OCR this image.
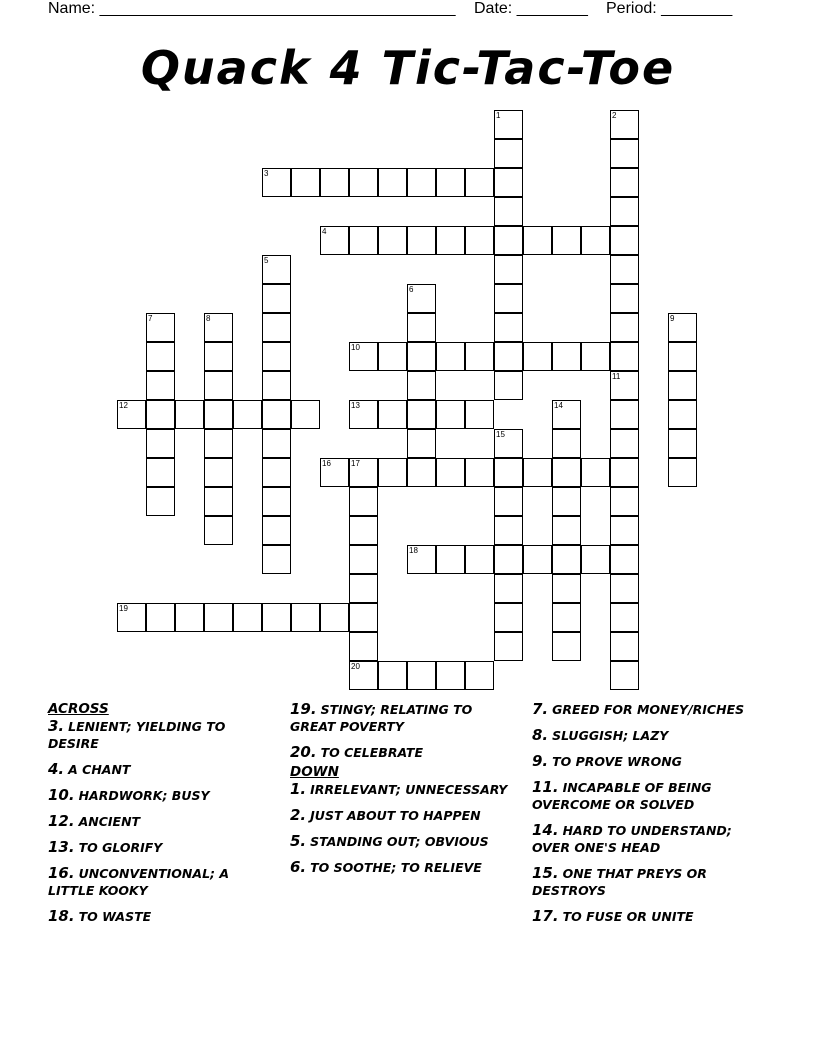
Name: ________________________________________ Date: ________ Period: ________
Quack 4 Tic-Tac-Toe
1	2
3
4
5
6
7	8	9
10
11
12	13	14
15
16	17
18
19
20
ACROSS
3. LENIENT; YIELDING TO DESIRE
4. A CHANT
10. HARDWORK; BUSY
12. ANCIENT
13. TO GLORIFY
16. UNCONVENTIONAL; A LITTLE KOOKY
18. TO WASTE
19. STINGY; RELATING TO GREAT POVERTY
20. TO CELEBRATE
DOWN
1. IRRELEVANT; UNNECESSARY
2. JUST ABOUT TO HAPPEN
5. STANDING OUT; OBVIOUS
6. TO SOOTHE; TO RELIEVE
7. GREED FOR MONEY/RICHES
8. SLUGGISH; LAZY
9. TO PROVE WRONG
11. INCAPABLE OF BEING OVERCOME OR SOLVED
14. HARD TO UNDERSTAND; OVER ONE'S HEAD
15. ONE THAT PREYS OR DESTROYS
17. TO FUSE OR UNITE
